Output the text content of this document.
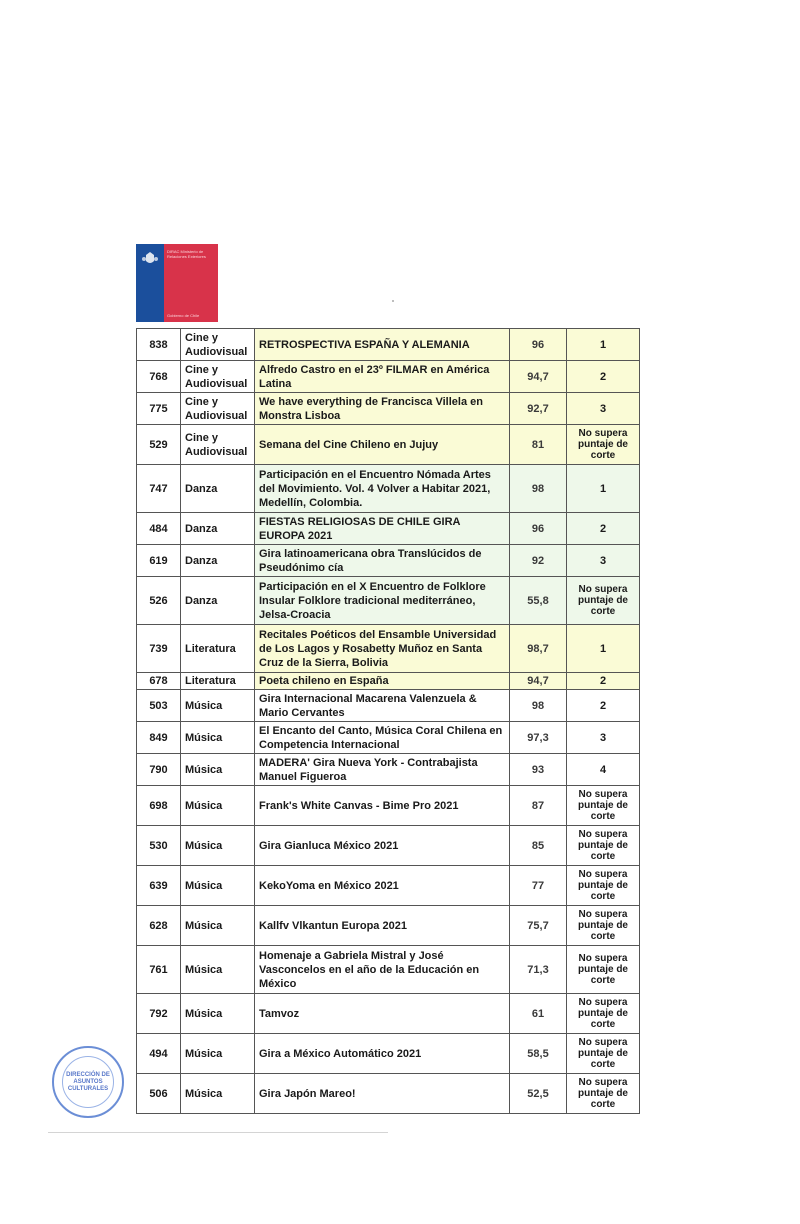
DIRAC Ministerio de Relaciones Exteriores
Gobierno de Chile
838	Cine y Audiovisual	RETROSPECTIVA ESPAÑA Y ALEMANIA	96	1
768	Cine y Audiovisual	Alfredo Castro en el 23º FILMAR en América Latina	94,7	2
775	Cine y Audiovisual	We have everything de Francisca Villela en Monstra Lisboa	92,7	3
529	Cine y Audiovisual	Semana del Cine Chileno en Jujuy	81	No supera puntaje de corte
747	Danza	Participación en el Encuentro Nómada Artes del Movimiento. Vol. 4 Volver a Habitar 2021, Medellín, Colombia.	98	1
484	Danza	FIESTAS RELIGIOSAS DE CHILE GIRA EUROPA 2021	96	2
619	Danza	Gira latinoamericana obra Translúcidos de Pseudónimo cía	92	3
526	Danza	Participación en el X Encuentro de Folklore Insular Folklore tradicional mediterráneo, Jelsa-Croacia	55,8	No supera puntaje de corte
739	Literatura	Recitales Poéticos del Ensamble Universidad de Los Lagos y Rosabetty Muñoz en Santa Cruz de la Sierra, Bolivia	98,7	1
678	Literatura	Poeta chileno en España	94,7	2
503	Música	Gira Internacional Macarena Valenzuela & Mario Cervantes	98	2
849	Música	El Encanto del Canto, Música Coral Chilena en Competencia Internacional	97,3	3
790	Música	MADERA' Gira Nueva York - Contrabajista Manuel Figueroa	93	4
698	Música	Frank's White Canvas - Bime Pro 2021	87	No supera puntaje de corte
530	Música	Gira Gianluca México 2021	85	No supera puntaje de corte
639	Música	KekoYoma en México 2021	77	No supera puntaje de corte
628	Música	Kallfv Vlkantun Europa 2021	75,7	No supera puntaje de corte
761	Música	Homenaje a Gabriela Mistral y José Vasconcelos en el año de la Educación en México	71,3	No supera puntaje de corte
792	Música	Tamvoz	61	No supera puntaje de corte
494	Música	Gira a México Automático 2021	58,5	No supera puntaje de corte
506	Música	Gira Japón Mareo!	52,5	No supera puntaje de corte
DIRECCIÓN DE ASUNTOS CULTURALES
